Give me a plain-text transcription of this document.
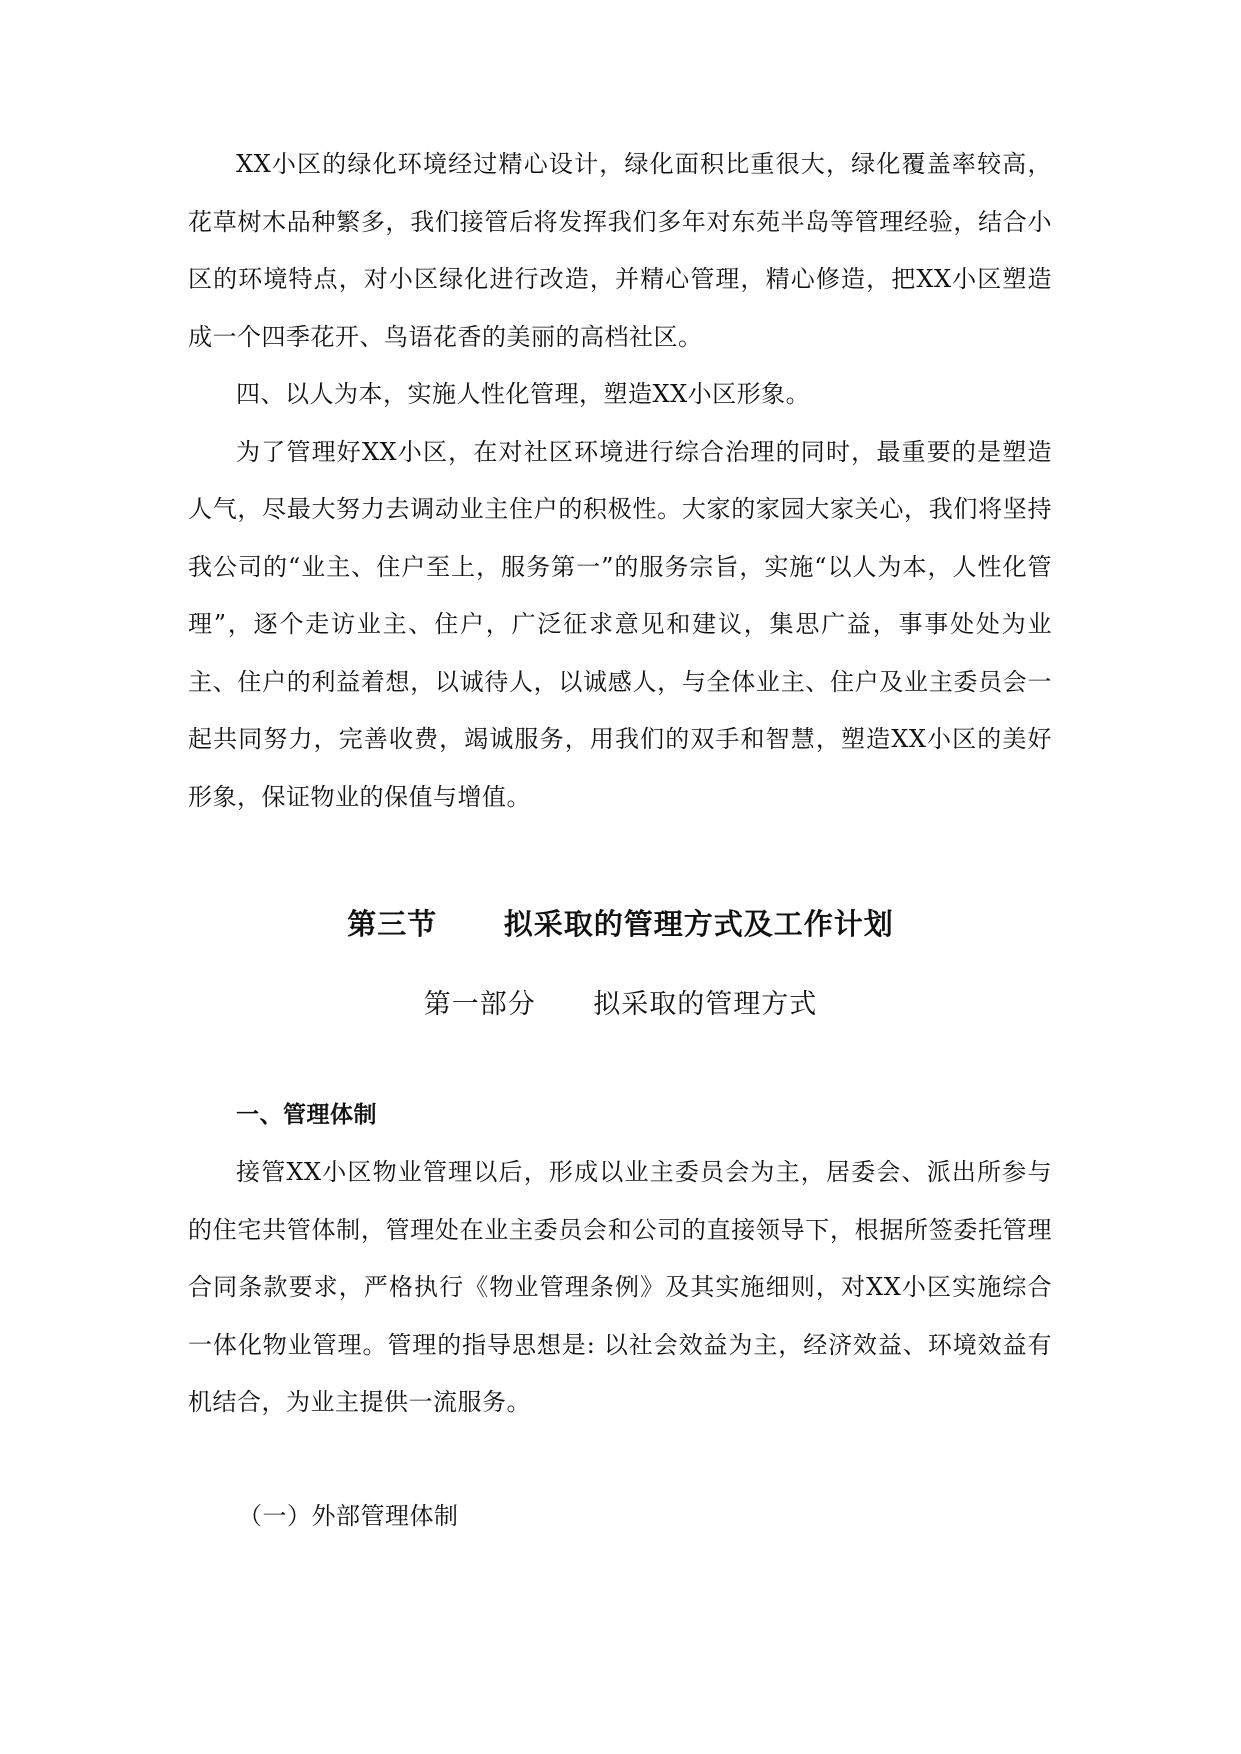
XX小区的绿化环境经过精心设计，绿化面积比重很大，绿化覆盖率较高，花草树木品种繁多，我们接管后将发挥我们多年对东苑半岛等管理经验，结合小区的环境特点，对小区绿化进行改造，并精心管理，精心修造，把XX小区塑造成一个四季花开、鸟语花香的美丽的高档社区。

四、以人为本，实施人性化管理，塑造XX小区形象。

为了管理好XX小区，在对社区环境进行综合治理的同时，最重要的是塑造人气，尽最大努力去调动业主住户的积极性。大家的家园大家关心，我们将坚持我公司的“业主、住户至上，服务第一”的服务宗旨，实施“以人为本，人性化管理”，逐个走访业主、住户，广泛征求意见和建议，集思广益，事事处处为业主、住户的利益着想，以诚待人，以诚感人，与全体业主、住户及业主委员会一起共同努力，完善收费，竭诚服务，用我们的双手和智慧，塑造XX小区的美好形象，保证物业的保值与增值。

第三节      拟采取的管理方式及工作计划
第一部分      拟采取的管理方式
一、管理体制

接管XX小区物业管理以后，形成以业主委员会为主，居委会、派出所参与的住宅共管体制，管理处在业主委员会和公司的直接领导下，根据所签委托管理合同条款要求，严格执行《物业管理条例》及其实施细则，对XX小区实施综合一体化物业管理。管理的指导思想是: 以社会效益为主，经济效益、环境效益有机结合，为业主提供一流服务。

（一）外部管理体制
